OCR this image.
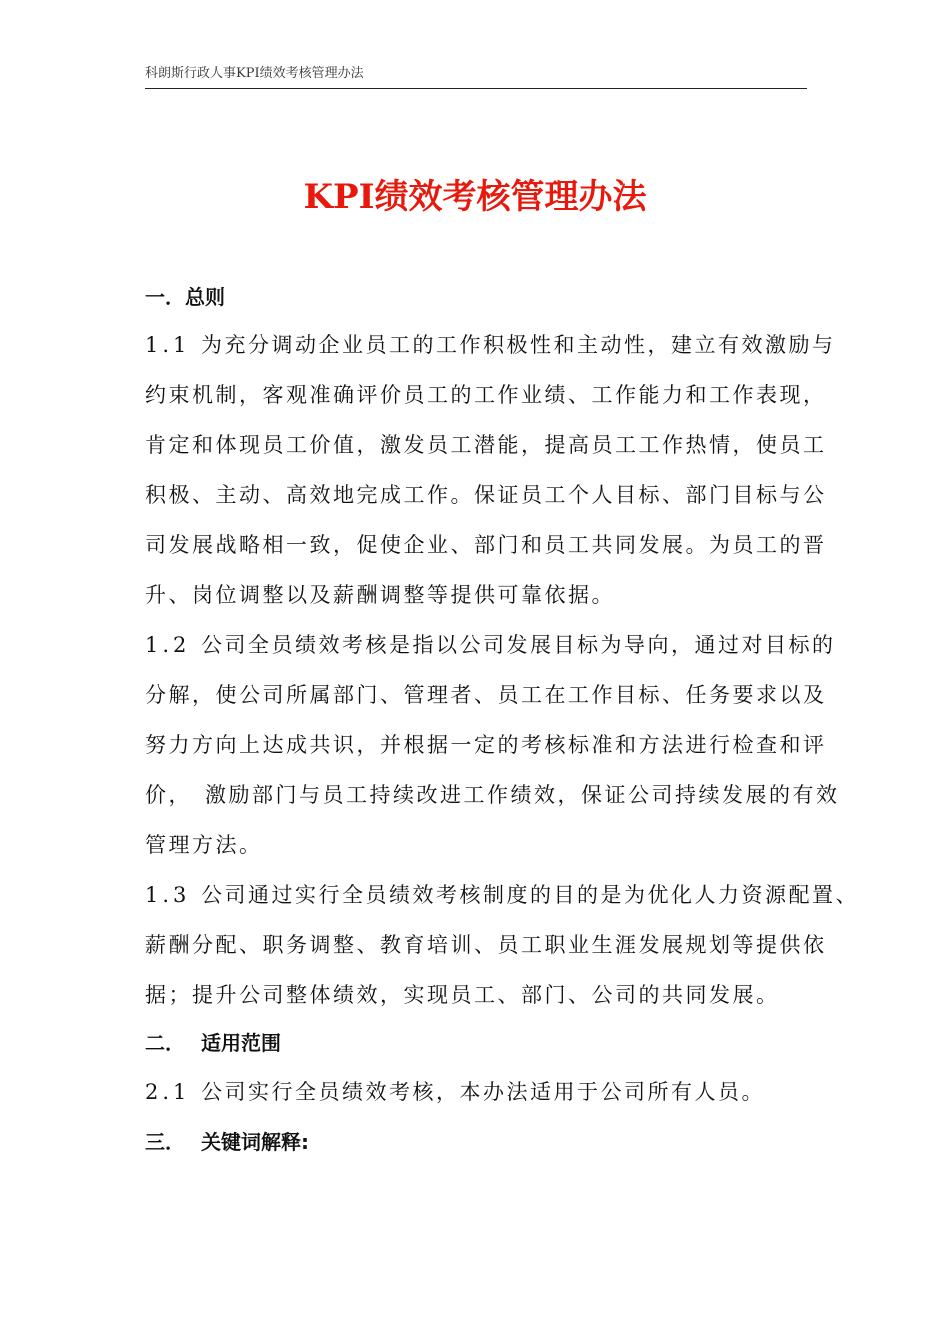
科朗斯行政人事KPI绩效考核管理办法
KPI绩效考核管理办法
一．总则
1.1 为充分调动企业员工的工作积极性和主动性，建立有效激励与
约束机制，客观准确评价员工的工作业绩、工作能力和工作表现，
肯定和体现员工价值，激发员工潜能，提高员工工作热情，使员工
积极、主动、高效地完成工作。保证员工个人目标、部门目标与公
司发展战略相一致，促使企业、部门和员工共同发展。为员工的晋
升、岗位调整以及薪酬调整等提供可靠依据。
1.2 公司全员绩效考核是指以公司发展目标为导向，通过对目标的
分解，使公司所属部门、管理者、员工在工作目标、任务要求以及
努力方向上达成共识，并根据一定的考核标准和方法进行检查和评
价，　激励部门与员工持续改进工作绩效，保证公司持续发展的有效
管理方法。
1.3 公司通过实行全员绩效考核制度的目的是为优化人力资源配置、
薪酬分配、职务调整、教育培训、员工职业生涯发展规划等提供依
据；提升公司整体绩效，实现员工、部门、公司的共同发展。
二． 适用范围
2.1 公司实行全员绩效考核，本办法适用于公司所有人员。
三． 关键词解释:
